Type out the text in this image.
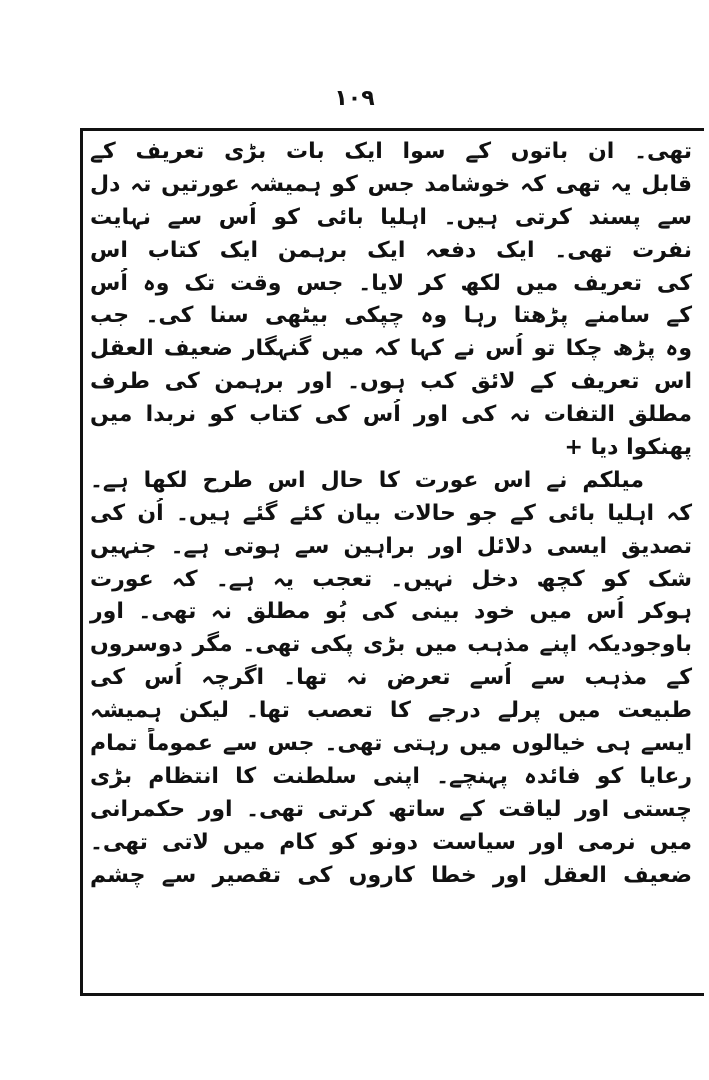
۱۰۹
تھی۔ ان باتوں کے سوا ایک بات بڑی تعریف کے
قابل یہ تھی کہ خوشامد جس کو ہمیشہ عورتیں تہ دل
سے پسند کرتی ہیں۔ اہلیا بائی کو اُس سے نہایت
نفرت تھی۔ ایک دفعہ ایک برہمن ایک کتاب اس
کی تعریف میں لکھ کر لایا۔ جس وقت تک وہ اُس
کے سامنے پڑھتا رہا وہ چپکی بیٹھی سنا کی۔ جب
وہ پڑھ چکا تو اُس نے کہا کہ میں گنہگار ضعیف العقل
اس تعریف کے لائق کب ہوں۔ اور برہمن کی طرف
مطلق التفات نہ کی اور اُس کی کتاب کو نربدا میں
پھنکوا دیا +
میلکم نے اس عورت کا حال اس طرح لکھا ہے۔
کہ اہلیا بائی کے جو حالات بیان کئے گئے ہیں۔ اُن کی
تصدیق ایسی دلائل اور براہین سے ہوتی ہے۔ جنہیں
شک کو کچھ دخل نہیں۔ تعجب یہ ہے۔ کہ عورت
ہوکر اُس میں خود بینی کی بُو مطلق نہ تھی۔ اور
باوجودیکہ اپنے مذہب میں بڑی پکی تھی۔ مگر دوسروں
کے مذہب سے اُسے تعرض نہ تھا۔ اگرچہ اُس کی
طبیعت میں پرلے درجے کا تعصب تھا۔ لیکن ہمیشہ
ایسے ہی خیالوں میں رہتی تھی۔ جس سے عموماً تمام
رعایا کو فائدہ پہنچے۔ اپنی سلطنت کا انتظام بڑی
چستی اور لیاقت کے ساتھ کرتی تھی۔ اور حکمرانی
میں نرمی اور سیاست دونو کو کام میں لاتی تھی۔
ضعیف العقل اور خطا کاروں کی تقصیر سے چشم
